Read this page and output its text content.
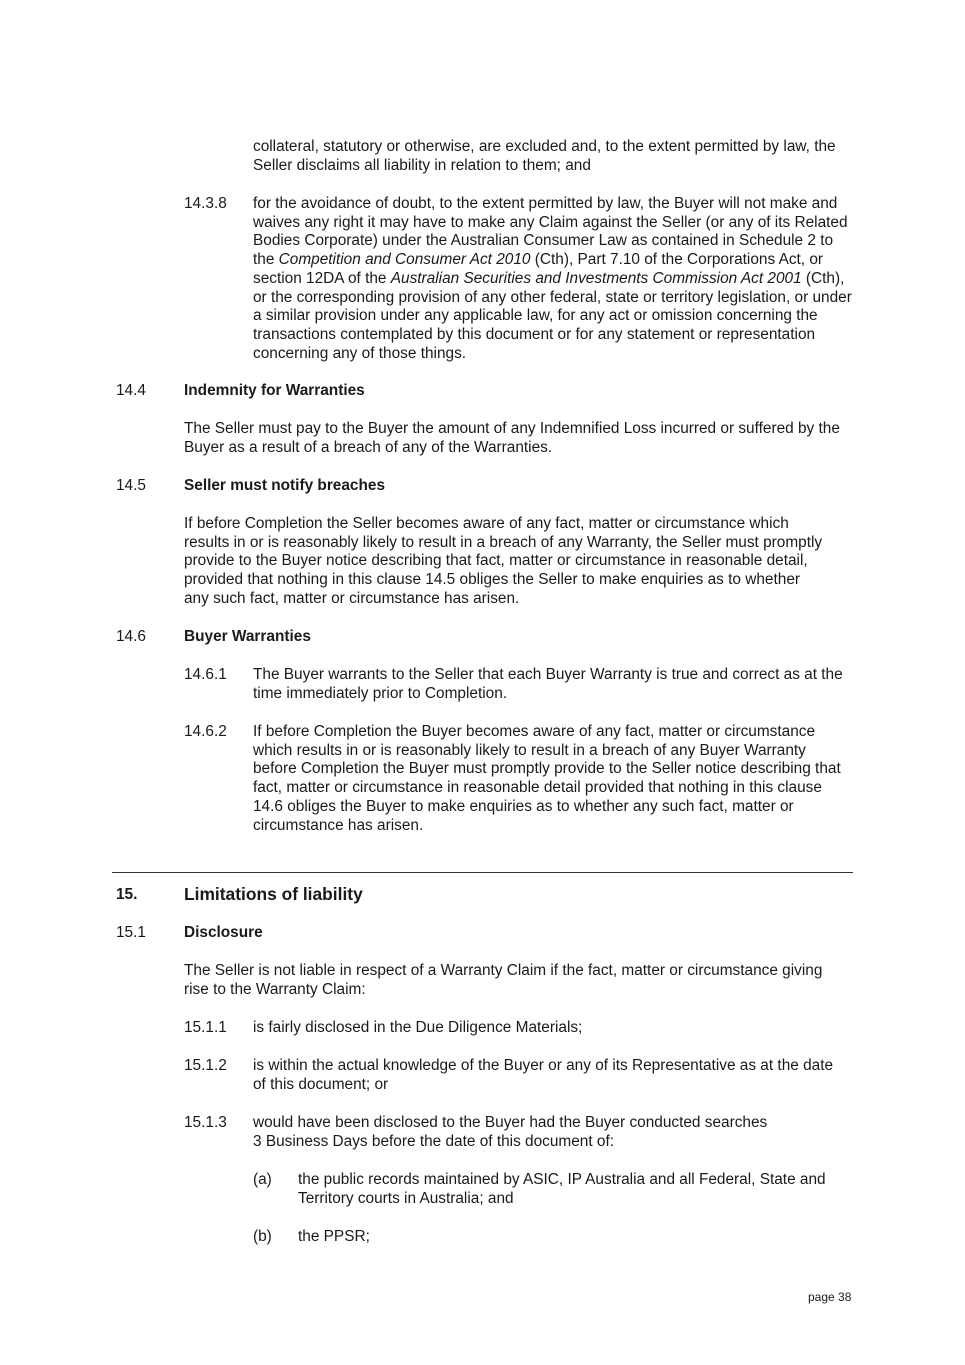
collateral, statutory or otherwise, are excluded and, to the extent permitted by law, the Seller disclaims all liability in relation to them; and

14.3.8 for the avoidance of doubt, to the extent permitted by law, the Buyer will not make and waives any right it may have to make any Claim against the Seller (or any of its Related Bodies Corporate) under the Australian Consumer Law as contained in Schedule 2 to the Competition and Consumer Act 2010 (Cth), Part 7.10 of the Corporations Act, or section 12DA of the Australian Securities and Investments Commission Act 2001 (Cth), or the corresponding provision of any other federal, state or territory legislation, or under a similar provision under any applicable law, for any act or omission concerning the transactions contemplated by this document or for any statement or representation concerning any of those things.

14.4 Indemnity for Warranties

The Seller must pay to the Buyer the amount of any Indemnified Loss incurred or suffered by the Buyer as a result of a breach of any of the Warranties.

14.5 Seller must notify breaches

If before Completion the Seller becomes aware of any fact, matter or circumstance which results in or is reasonably likely to result in a breach of any Warranty, the Seller must promptly provide to the Buyer notice describing that fact, matter or circumstance in reasonable detail, provided that nothing in this clause 14.5 obliges the Seller to make enquiries as to whether any such fact, matter or circumstance has arisen.

14.6 Buyer Warranties
14.6.1 The Buyer warrants to the Seller that each Buyer Warranty is true and correct as at the time immediately prior to Completion.

14.6.2 If before Completion the Buyer becomes aware of any fact, matter or circumstance which results in or is reasonably likely to result in a breach of any Buyer Warranty before Completion the Buyer must promptly provide to the Seller notice describing that fact, matter or circumstance in reasonable detail provided that nothing in this clause 14.6 obliges the Buyer to make enquiries as to whether any such fact, matter or circumstance has arisen.

15.	Limitations of liability
15.1 Disclosure

The Seller is not liable in respect of a Warranty Claim if the fact, matter or circumstance giving rise to the Warranty Claim:

15.1.1 is fairly disclosed in the Due Diligence Materials;

15.1.2 is within the actual knowledge of the Buyer or any of its Representative as at the date of this document; or

15.1.3 would have been disclosed to the Buyer had the Buyer conducted searches
3 Business Days before the date of this document of:

(a) the public records maintained by ASIC, IP Australia and all Federal, State and Territory courts in Australia; and

(b) the PPSR;

page 38
